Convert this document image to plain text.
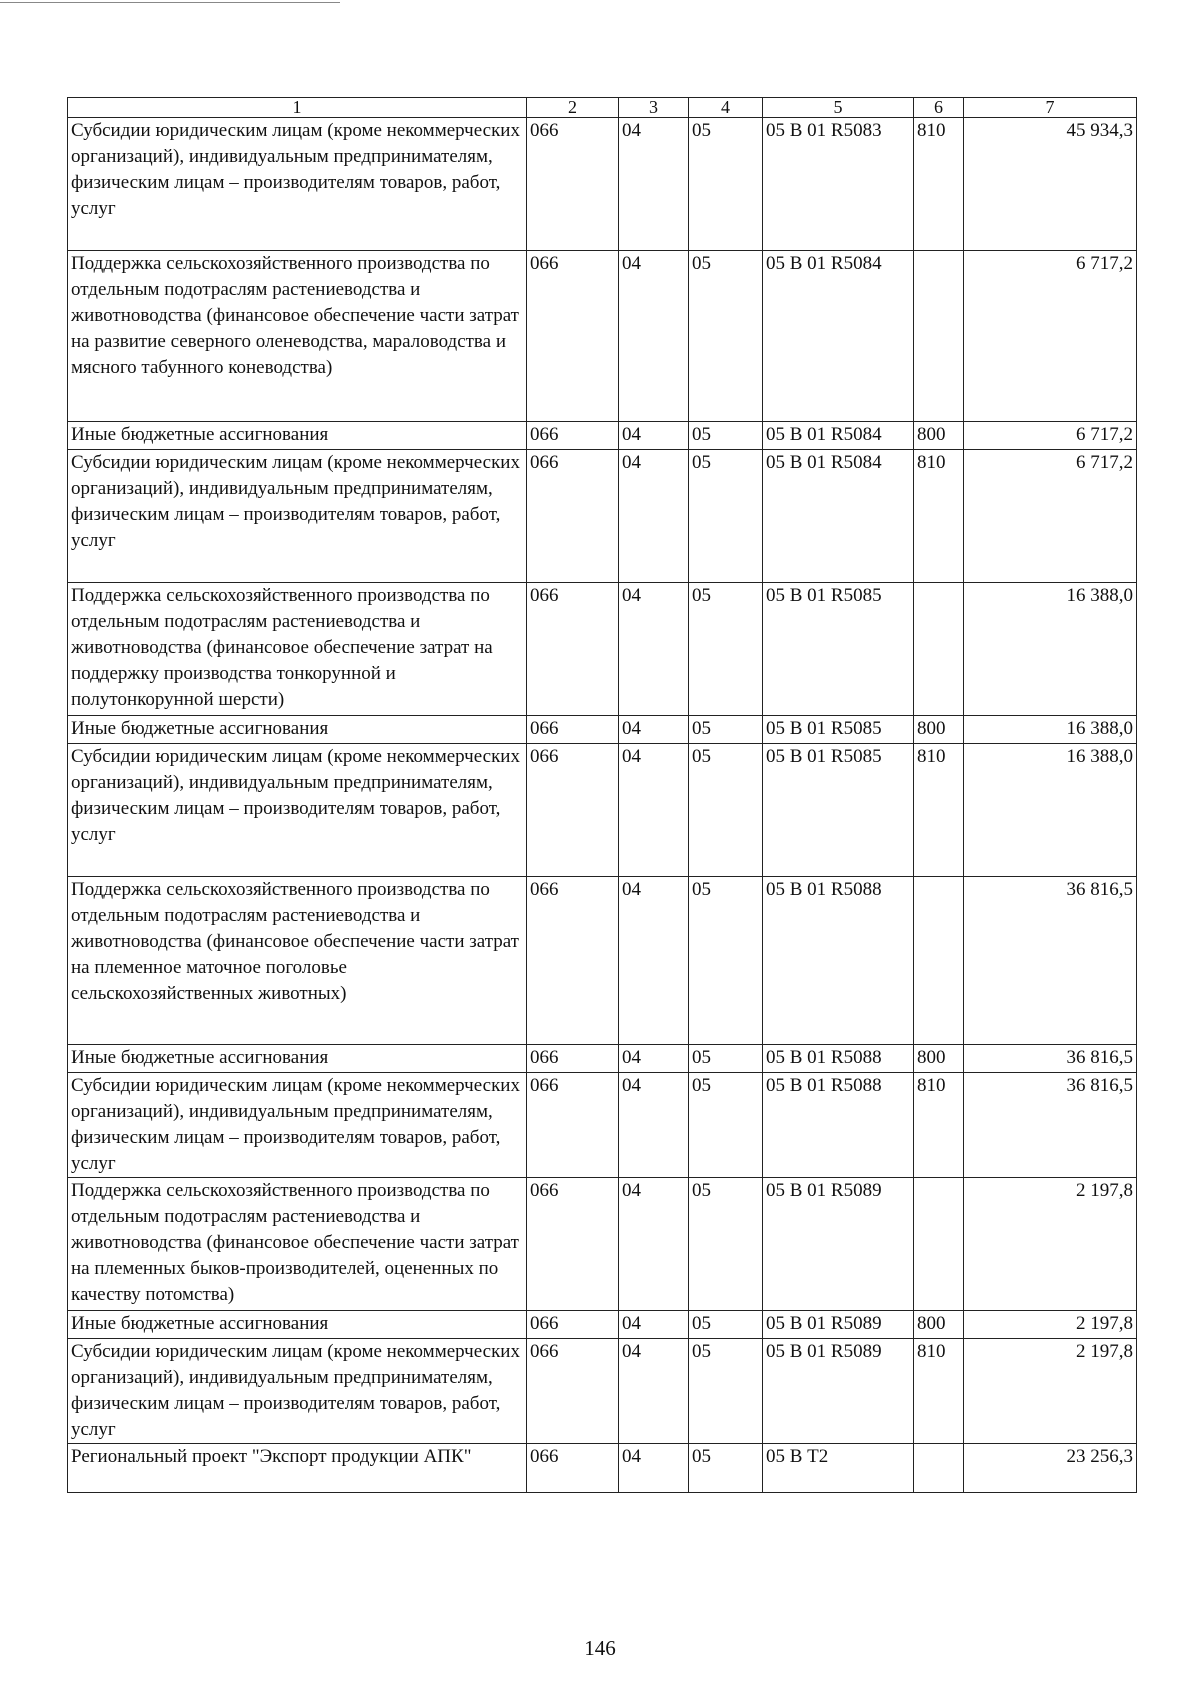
1	2	3	4	5	6	7
Субсидии юридическим лицам (кроме некоммерческих организаций), индивидуальным предпринимателям, физическим лицам – производителям товаров, работ, услуг	066	04	05	05 В 01 R5083	810	45 934,3
Поддержка сельскохозяйственного производства по отдельным подотраслям растениеводства и животноводства (финансовое обеспечение части затрат на развитие северного оленеводства, мараловодства и мясного табунного коневодства)	066	04	05	05 В 01 R5084		6 717,2
Иные бюджетные ассигнования	066	04	05	05 В 01 R5084	800	6 717,2
Субсидии юридическим лицам (кроме некоммерческих организаций), индивидуальным предпринимателям, физическим лицам – производителям товаров, работ, услуг	066	04	05	05 В 01 R5084	810	6 717,2
Поддержка сельскохозяйственного производства по отдельным подотраслям растениеводства и животноводства (финансовое обеспечение затрат на поддержку производства тонкорунной и полутонкорунной шерсти)	066	04	05	05 В 01 R5085		16 388,0
Иные бюджетные ассигнования	066	04	05	05 В 01 R5085	800	16 388,0
Субсидии юридическим лицам (кроме некоммерческих организаций), индивидуальным предпринимателям, физическим лицам – производителям товаров, работ, услуг	066	04	05	05 В 01 R5085	810	16 388,0
Поддержка сельскохозяйственного производства по отдельным подотраслям растениеводства и животноводства (финансовое обеспечение части затрат на племенное маточное поголовье сельскохозяйственных животных)	066	04	05	05 В 01 R5088		36 816,5
Иные бюджетные ассигнования	066	04	05	05 В 01 R5088	800	36 816,5
Субсидии юридическим лицам (кроме некоммерческих организаций), индивидуальным предпринимателям, физическим лицам – производителям товаров, работ, услуг	066	04	05	05 В 01 R5088	810	36 816,5
Поддержка сельскохозяйственного производства по отдельным подотраслям растениеводства и животноводства (финансовое обеспечение части затрат на племенных быков-производителей, оцененных по качеству потомства)	066	04	05	05 В 01 R5089		2 197,8
Иные бюджетные ассигнования	066	04	05	05 В 01 R5089	800	2 197,8
Субсидии юридическим лицам (кроме некоммерческих организаций), индивидуальным предпринимателям, физическим лицам – производителям товаров, работ, услуг	066	04	05	05 В 01 R5089	810	2 197,8
Региональный проект "Экспорт продукции АПК"	066	04	05	05 В Т2		23 256,3
146
